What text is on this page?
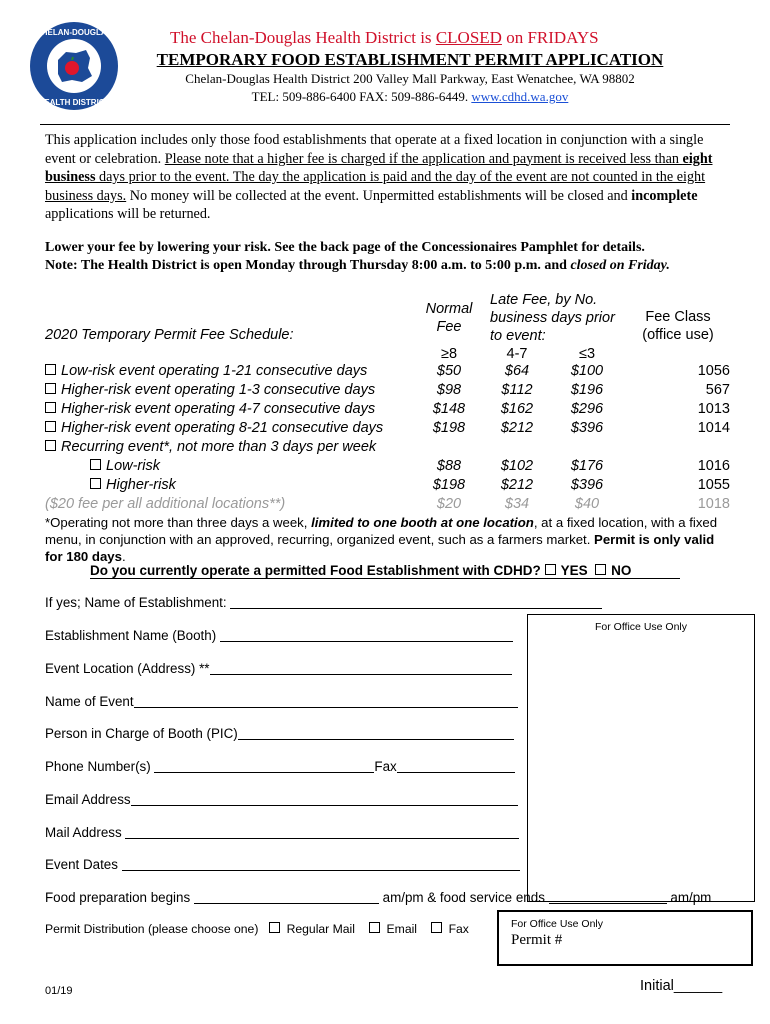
CHELAN-DOUGLAS
HEALTH DISTRICT
The Chelan-Douglas Health District is CLOSED on FRIDAYS
TEMPORARY FOOD ESTABLISHMENT PERMIT APPLICATION
Chelan-Douglas Health District 200 Valley Mall Parkway, East Wenatchee, WA 98802
TEL: 509-886-6400 FAX: 509-886-6449. www.cdhd.wa.gov
This application includes only those food establishments that operate at a fixed location in conjunction with a single event or celebration. Please note that a higher fee is charged if the application and payment is received less than eight business days prior to the event. The day the application is paid and the day of the event are not counted in the eight business days. No money will be collected at the event. Unpermitted establishments will be closed and incomplete applications will be returned.
Lower your fee by lowering your risk. See the back page of the Concessionaires Pamphlet for details.
Note: The Health District is open Monday through Thursday 8:00 a.m. to 5:00 p.m. and closed on Friday.
Normal Fee
Late Fee, by No. business days prior to event:
Fee Class (office use)
2020 Temporary Permit Fee Schedule:
≥8	4-7	≤3
Low-risk event operating 1-21 consecutive days	$50	$64	$100	1056
Higher-risk event operating 1-3 consecutive days	$98	$112	$196	567
Higher-risk event operating 4-7 consecutive days	$148	$162	$296	1013
Higher-risk event operating 8-21 consecutive days	$198	$212	$396	1014
Recurring event*, not more than 3 days per week
Low-risk	$88	$102	$176	1016
Higher-risk	$198	$212	$396	1055
($20 fee per all additional locations**)	$20	$34	$40	1018
*Operating not more than three days a week, limited to one booth at one location, at a fixed location, with a fixed menu, in conjunction with an approved, recurring, organized event, such as a farmers market. Permit is only valid for 180 days.
Do you currently operate a permitted Food Establishment with CDHD? YES NO
If yes; Name of Establishment:
Establishment Name (Booth)
Event Location (Address) **
Name of Event
Person in Charge of Booth (PIC)
Phone Number(s)	Fax
Email Address
Mail Address
Event Dates
Food preparation begins	am/pm & food service ends	am/pm
Permit Distribution (please choose one) Regular Mail	Email	Fax
For Office Use Only
For Office Use Only
Permit #
01/19	Initial______
